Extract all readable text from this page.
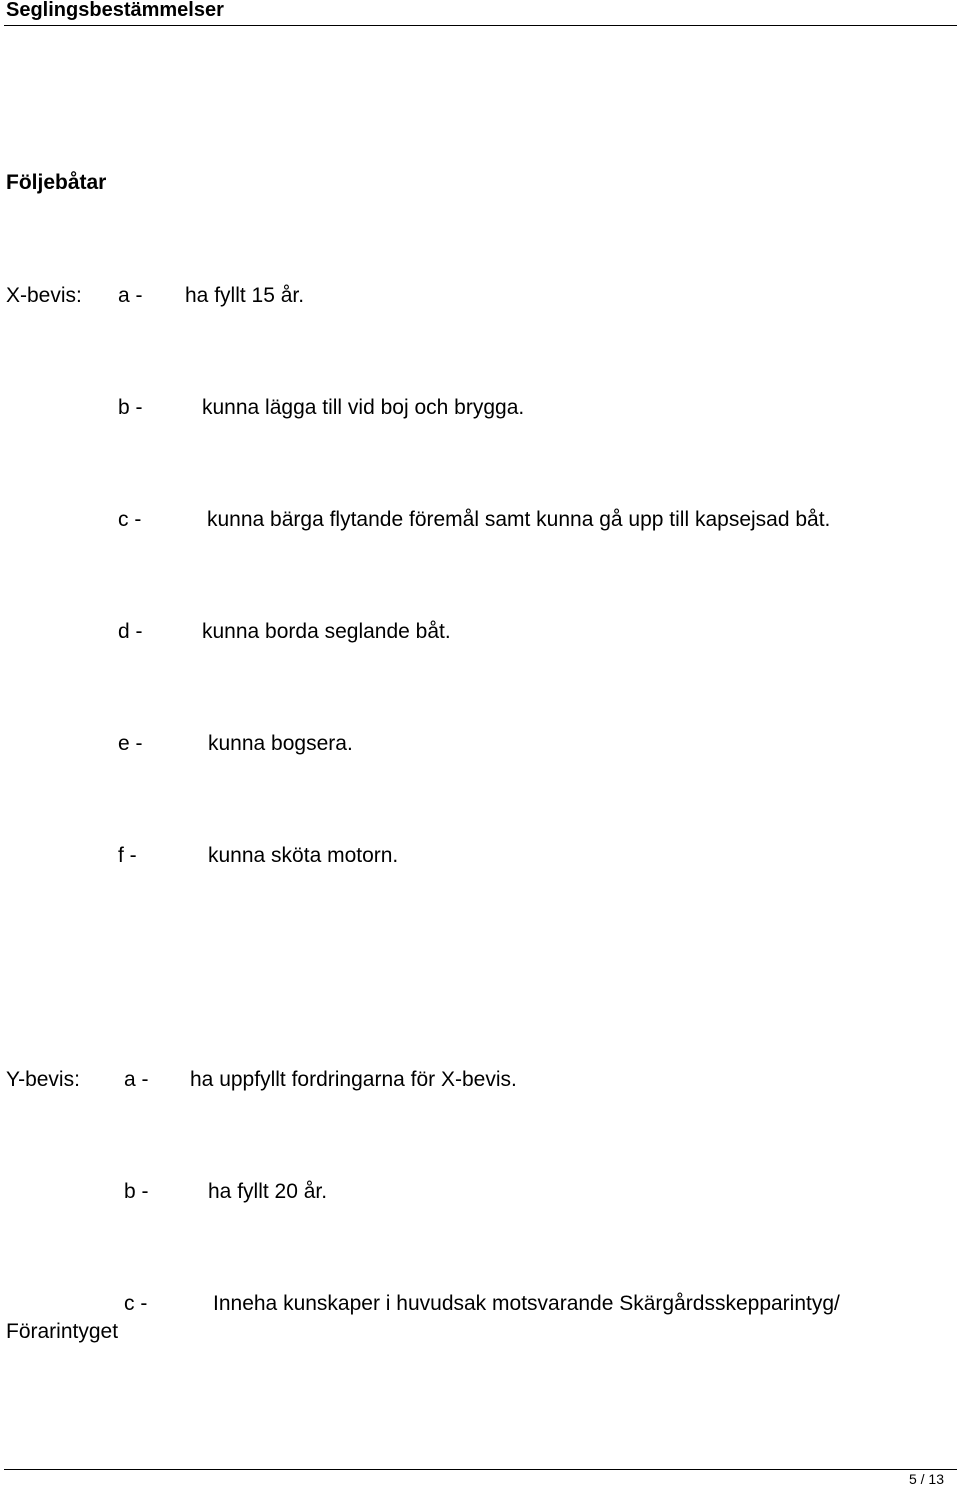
Seglingsbestämmelser
Följebåtar
X-bevis: a - ha fyllt 15 år.
b -	kunna lägga till vid boj och brygga.
c -	kunna bärga flytande föremål samt kunna gå upp till kapsejsad båt.
d -	kunna borda seglande båt.
e -	kunna bogsera.
f -	kunna sköta motorn.
Y-bevis: a - ha uppfyllt fordringarna för X-bevis.
b -	ha fyllt 20 år.
c -	Inneha kunskaper i huvudsak motsvarande Skärgårdsskepparintyg/
Förarintyget
5 / 13
